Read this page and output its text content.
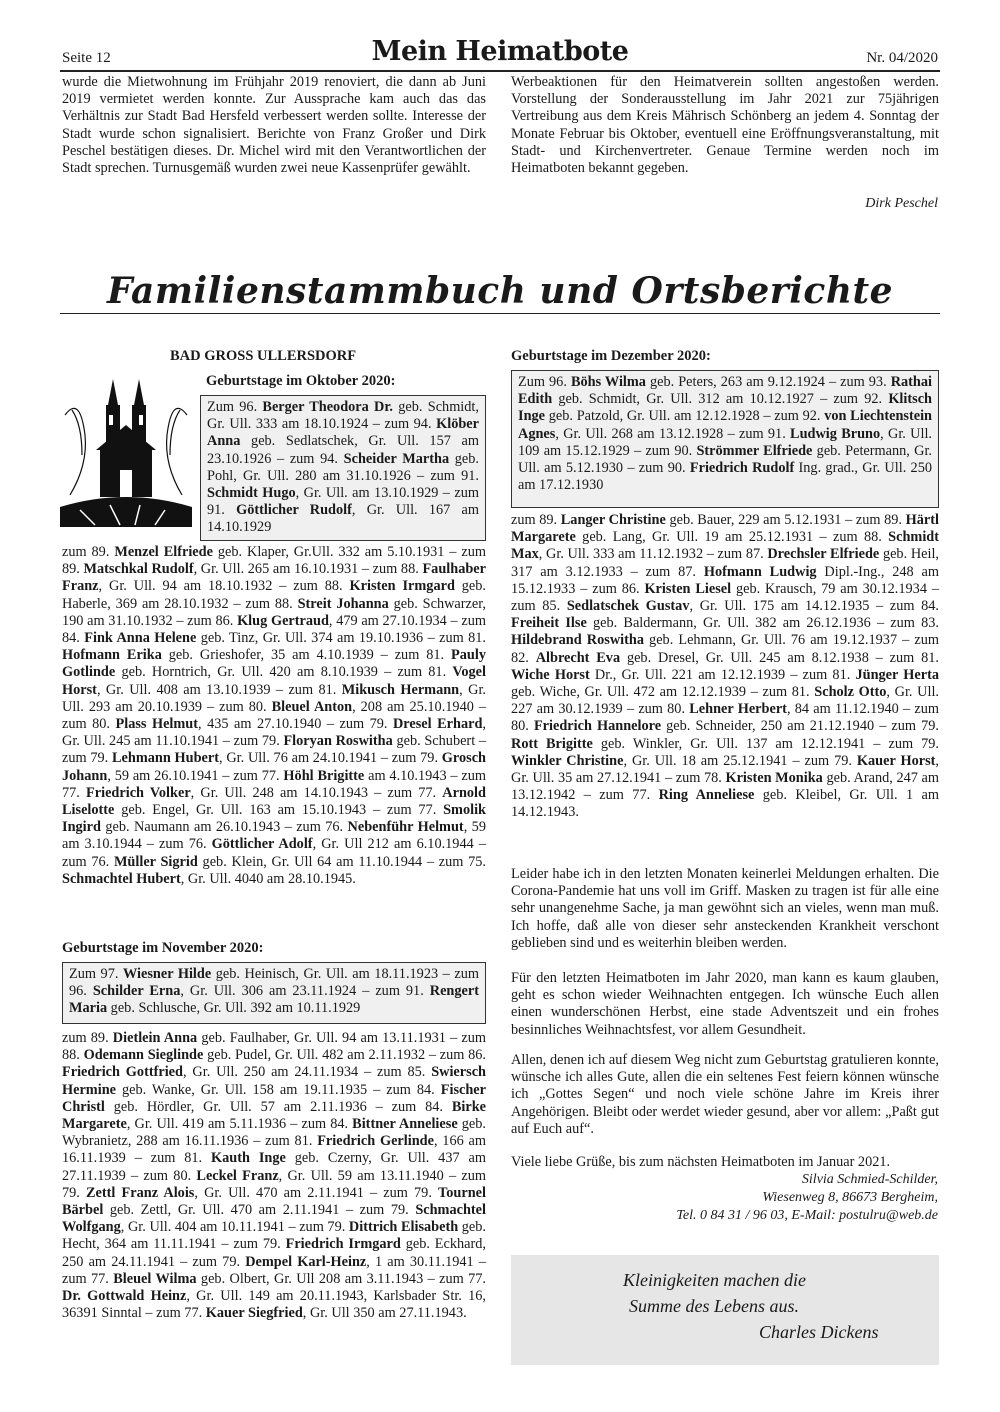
Seite 12	Mein Heimatbote	Nr. 04/2020

wurde die Mietwohnung im Frühjahr 2019 renoviert, die dann ab Juni 2019 vermietet werden konnte. Zur Aussprache kam auch das das Verhältnis zur Stadt Bad Hersfeld verbessert werden sollte. Interesse der Stadt wurde schon signalisiert. Berichte von Franz Großer und Dirk Peschel bestätigen dieses. Dr. Michel wird mit den Verantwortlichen der Stadt sprechen. Turnusgemäß wurden zwei neue Kassenprüfer gewählt.

Werbeaktionen für den Heimatverein sollten angestoßen werden. Vorstellung der Sonderausstellung im Jahr 2021 zur 75jährigen Vertreibung aus dem Kreis Mährisch Schönberg an jedem 4. Sonntag der Monate Februar bis Oktober, eventuell eine Eröffnungsveranstaltung, mit Stadt- und Kirchenvertreter. Genaue Termine werden noch im Heimatboten bekannt gegeben.

Dirk Peschel
Familienstammbuch und Ortsberichte
BAD GROSS ULLERSDORF
Geburtstage im Oktober 2020:

Zum 96. Berger Theodora Dr. geb. Schmidt, Gr. Ull. 333 am 18.10.1924 – zum 94. Klöber Anna geb. Sedlatschek, Gr. Ull. 157 am 23.10.1926 – zum 94. Scheider Martha geb. Pohl, Gr. Ull. 280 am 31.10.1926 – zum 91. Schmidt Hugo, Gr. Ull. am 13.10.1929 – zum 91. Göttlicher Rudolf, Gr. Ull. 167 am 14.10.1929

zum 89. Menzel Elfriede geb. Klaper, Gr.Ull. 332 am 5.10.1931 – zum 89. Matschkal Rudolf, Gr. Ull. 265 am 16.10.1931 – zum 88. Faulhaber Franz, Gr. Ull. 94 am 18.10.1932 – zum 88. Kristen Irmgard geb. Haberle, 369 am 28.10.1932 – zum 88. Streit Johanna geb. Schwarzer, 190 am 31.10.1932 – zum 86. Klug Gertraud, 479 am 27.10.1934 – zum 84. Fink Anna Helene geb. Tinz, Gr. Ull. 374 am 19.10.1936 – zum 81. Hofmann Erika geb. Grieshofer, 35 am 4.10.1939 – zum 81. Pauly Gotlinde geb. Horntrich, Gr. Ull. 420 am 8.10.1939 – zum 81. Vogel Horst, Gr. Ull. 408 am 13.10.1939 – zum 81. Mikusch Hermann, Gr. Ull. 293 am 20.10.1939 – zum 80. Bleuel Anton, 208 am 25.10.1940 – zum 80. Plass Helmut, 435 am 27.10.1940 – zum 79. Dresel Erhard, Gr. Ull. 245 am 11.10.1941 – zum 79. Floryan Roswitha geb. Schubert – zum 79. Lehmann Hubert, Gr. Ull. 76 am 24.10.1941 – zum 79. Grosch Johann, 59 am 26.10.1941 – zum 77. Höhl Brigitte am 4.10.1943 – zum 77. Friedrich Volker, Gr. Ull. 248 am 14.10.1943 – zum 77. Arnold Liselotte geb. Engel, Gr. Ull. 163 am 15.10.1943 – zum 77. Smolik Ingird geb. Naumann am 26.10.1943 – zum 76. Nebenführ Helmut, 59 am 3.10.1944 – zum 76. Göttlicher Adolf, Gr. Ull 212 am 6.10.1944 – zum 76. Müller Sigrid geb. Klein, Gr. Ull 64 am 11.10.1944 – zum 75. Schmachtel Hubert, Gr. Ull. 4040 am 28.10.1945.

Geburtstage im November 2020:

Zum 97. Wiesner Hilde geb. Heinisch, Gr. Ull. am 18.11.1923 – zum 96. Schilder Erna, Gr. Ull. 306 am 23.11.1924 – zum 91. Rengert Maria geb. Schlusche, Gr. Ull. 392 am 10.11.1929

zum 89. Dietlein Anna geb. Faulhaber, Gr. Ull. 94 am 13.11.1931 – zum 88. Odemann Sieglinde geb. Pudel, Gr. Ull. 482 am 2.11.1932 – zum 86. Friedrich Gottfried, Gr. Ull. 250 am 24.11.1934 – zum 85. Swiersch Hermine geb. Wanke, Gr. Ull. 158 am 19.11.1935 – zum 84. Fischer Christl geb. Hördler, Gr. Ull. 57 am 2.11.1936 – zum 84. Birke Margarete, Gr. Ull. 419 am 5.11.1936 – zum 84. Bittner Anneliese geb. Wybranietz, 288 am 16.11.1936 – zum 81. Friedrich Gerlinde, 166 am 16.11.1939 – zum 81. Kauth Inge geb. Czerny, Gr. Ull. 437 am 27.11.1939 – zum 80. Leckel Franz, Gr. Ull. 59 am 13.11.1940 – zum 79. Zettl Franz Alois, Gr. Ull. 470 am 2.11.1941 – zum 79. Tournel Bärbel geb. Zettl, Gr. Ull. 470 am 2.11.1941 – zum 79. Schmachtel Wolfgang, Gr. Ull. 404 am 10.11.1941 – zum 79. Dittrich Elisabeth geb. Hecht, 364 am 11.11.1941 – zum 79. Friedrich Irmgard geb. Eckhard, 250 am 24.11.1941 – zum 79. Dempel Karl-Heinz, 1 am 30.11.1941 – zum 77. Bleuel Wilma geb. Olbert, Gr. Ull 208 am 3.11.1943 – zum 77. Dr. Gottwald Heinz, Gr. Ull. 149 am 20.11.1943, Karlsbader Str. 16, 36391 Sinntal – zum 77. Kauer Siegfried, Gr. Ull 350 am 27.11.1943.

Geburtstage im Dezember 2020:

Zum 96. Böhs Wilma geb. Peters, 263 am 9.12.1924 – zum 93. Rathai Edith geb. Schmidt, Gr. Ull. 312 am 10.12.1927 – zum 92. Klitsch Inge geb. Patzold, Gr. Ull. am 12.12.1928 – zum 92. von Liechtenstein Agnes, Gr. Ull. 268 am 13.12.1928 – zum 91. Ludwig Bruno, Gr. Ull. 109 am 15.12.1929 – zum 90. Strömmer Elfriede geb. Petermann, Gr. Ull. am 5.12.1930 – zum 90. Friedrich Rudolf Ing. grad., Gr. Ull. 250 am 17.12.1930

zum 89. Langer Christine geb. Bauer, 229 am 5.12.1931 – zum 89. Härtl Margarete geb. Lang, Gr. Ull. 19 am 25.12.1931 – zum 88. Schmidt Max, Gr. Ull. 333 am 11.12.1932 – zum 87. Drechsler Elfriede geb. Heil, 317 am 3.12.1933 – zum 87. Hofmann Ludwig Dipl.-Ing., 248 am 15.12.1933 – zum 86. Kristen Liesel geb. Krausch, 79 am 30.12.1934 – zum 85. Sedlatschek Gustav, Gr. Ull. 175 am 14.12.1935 – zum 84. Freiheit Ilse geb. Baldermann, Gr. Ull. 382 am 26.12.1936 – zum 83. Hildebrand Roswitha geb. Lehmann, Gr. Ull. 76 am 19.12.1937 – zum 82. Albrecht Eva geb. Dresel, Gr. Ull. 245 am 8.12.1938 – zum 81. Wiche Horst Dr., Gr. Ull. 221 am 12.12.1939 – zum 81. Jünger Herta geb. Wiche, Gr. Ull. 472 am 12.12.1939 – zum 81. Scholz Otto, Gr. Ull. 227 am 30.12.1939 – zum 80. Lehner Herbert, 84 am 11.12.1940 – zum 80. Friedrich Hannelore geb. Schneider, 250 am 21.12.1940 – zum 79. Rott Brigitte geb. Winkler, Gr. Ull. 137 am 12.12.1941 – zum 79. Winkler Christine, Gr. Ull. 18 am 25.12.1941 – zum 79. Kauer Horst, Gr. Ull. 35 am 27.12.1941 – zum 78. Kristen Monika geb. Arand, 247 am 13.12.1942 – zum 77. Ring Anneliese geb. Kleibel, Gr. Ull. 1 am 14.12.1943.

Leider habe ich in den letzten Monaten keinerlei Meldungen erhalten. Die Corona-Pandemie hat uns voll im Griff. Masken zu tragen ist für alle eine sehr unangenehme Sache, ja man gewöhnt sich an vieles, wenn man muß. Ich hoffe, daß alle von dieser sehr ansteckenden Krankheit verschont geblieben sind und es weiterhin bleiben werden.

Für den letzten Heimatboten im Jahr 2020, man kann es kaum glauben, geht es schon wieder Weihnachten entgegen. Ich wünsche Euch allen einen wunderschönen Herbst, eine stade Adventszeit und ein frohes besinnliches Weihnachtsfest, vor allem Gesundheit.

Allen, denen ich auf diesem Weg nicht zum Geburtstag gratulieren konnte, wünsche ich alles Gute, allen die ein seltenes Fest feiern können wünsche ich „Gottes Segen“ und noch viele schöne Jahre im Kreis ihrer Angehörigen. Bleibt oder werdet wieder gesund, aber vor allem: „Paßt gut auf Euch auf“.

Viele liebe Grüße, bis zum nächsten Heimatboten im Januar 2021.

Silvia Schmied-Schilder,
Wiesenweg 8, 86673 Bergheim,
Tel. 0 84 31 / 96 03, E-Mail: postulru@web.de
Kleinigkeiten machen die
Summe des Lebens aus.
Charles Dickens
